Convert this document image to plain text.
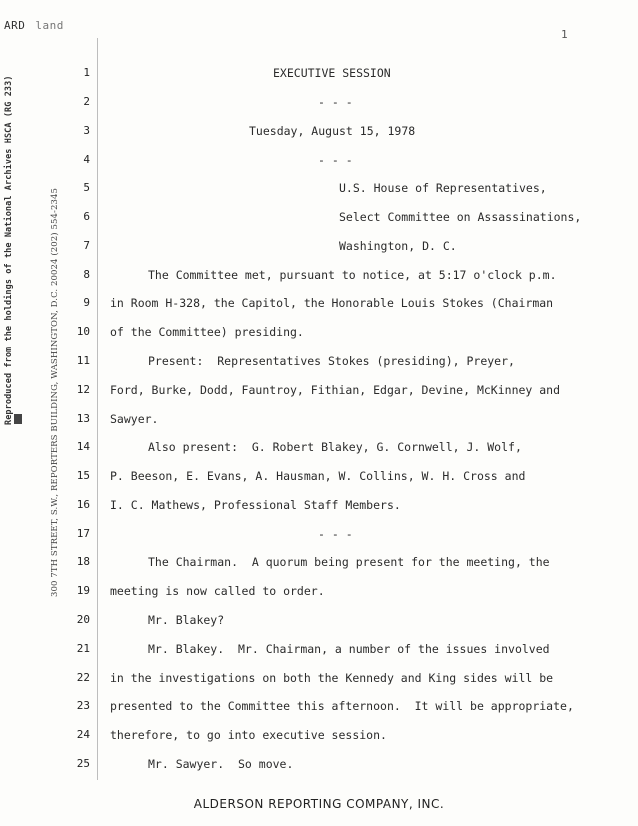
ARD land
1
Reproduced from the holdings of the National Archives HSCA (RG 233)	300 7TH STREET, S.W., REPORTERS BUILDING, WASHINGTON, D.C. 20024 (202) 554-2345
1	EXECUTIVE SESSION
2	- - -
3	Tuesday, August 15, 1978
4	- - -
5	U.S. House of Representatives,
6	Select Committee on Assassinations,
7	Washington, D. C.
8	The Committee met, pursuant to notice, at 5:17 o'clock p.m.
9 in Room H-328, the Capitol, the Honorable Louis Stokes (Chairman
10 of the Committee) presiding.
11	Present:  Representatives Stokes (presiding), Preyer,
12 Ford, Burke, Dodd, Fauntroy, Fithian, Edgar, Devine, McKinney and
13 Sawyer.
14	Also present:  G. Robert Blakey, G. Cornwell, J. Wolf,
15 P. Beeson, E. Evans, A. Hausman, W. Collins, W. H. Cross and
16 I. C. Mathews, Professional Staff Members.
17	- - -
18	The Chairman.  A quorum being present for the meeting, the
19 meeting is now called to order.
20	Mr. Blakey?
21	Mr. Blakey.  Mr. Chairman, a number of the issues involved
22 in the investigations on both the Kennedy and King sides will be
23 presented to the Committee this afternoon.  It will be appropriate,
24 therefore, to go into executive session.
25	Mr. Sawyer.  So move.
ALDERSON REPORTING COMPANY, INC.
